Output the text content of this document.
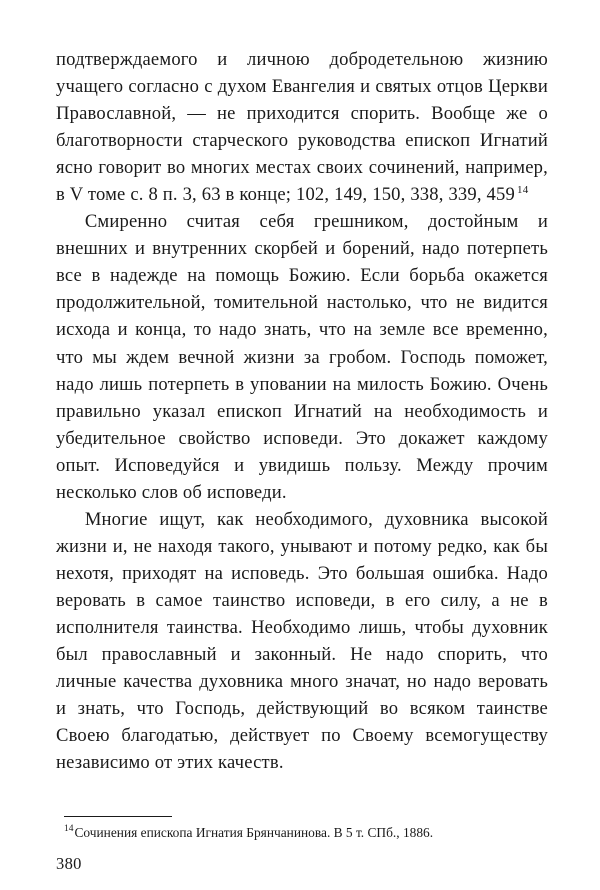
подтверждаемого и личною добродетельною жизнию учащего согласно с духом Евангелия и святых отцов Церкви Православной, — не приходится спорить. Вообще же о благотворности старческого руководства епископ Игнатий ясно говорит во многих местах своих сочинений, например, в V томе с. 8 п. 3, 63 в конце; 102, 149, 150, 338, 339, 459 $^{14}$

Смиренно считая себя грешником, достойным и внешних и внутренних скорбей и борений, надо потерпеть все в надежде на помощь Божию. Если борьба окажется продолжительной, томительной настолько, что не видится исхода и конца, то надо знать, что на земле все временно, что мы ждем вечной жизни за гробом. Господь поможет, надо лишь потерпеть в уповании на милость Божию. Очень правильно указал епископ Игнатий на необходимость и убедительное свойство исповеди. Это докажет каждому опыт. Исповедуйся и увидишь пользу. Между прочим несколько слов об исповеди.

Многие ищут, как необходимого, духовника высокой жизни и, не находя такого, унывают и потому редко, как бы нехотя, приходят на исповедь. Это большая ошибка. Надо веровать в самое таинство исповеди, в его силу, а не в исполнителя таинства. Необходимо лишь, чтобы духовник был православный и законный. Не надо спорить, что личные качества духовника много значат, но надо веровать и знать, что Господь, действующий во всяком таинстве Своею благодатью, действует по Своему всемогуществу независимо от этих качеств.

$^{14}$Сочинения епископа Игнатия Брянчанинова. В 5 т. СПб., 1886.
380
